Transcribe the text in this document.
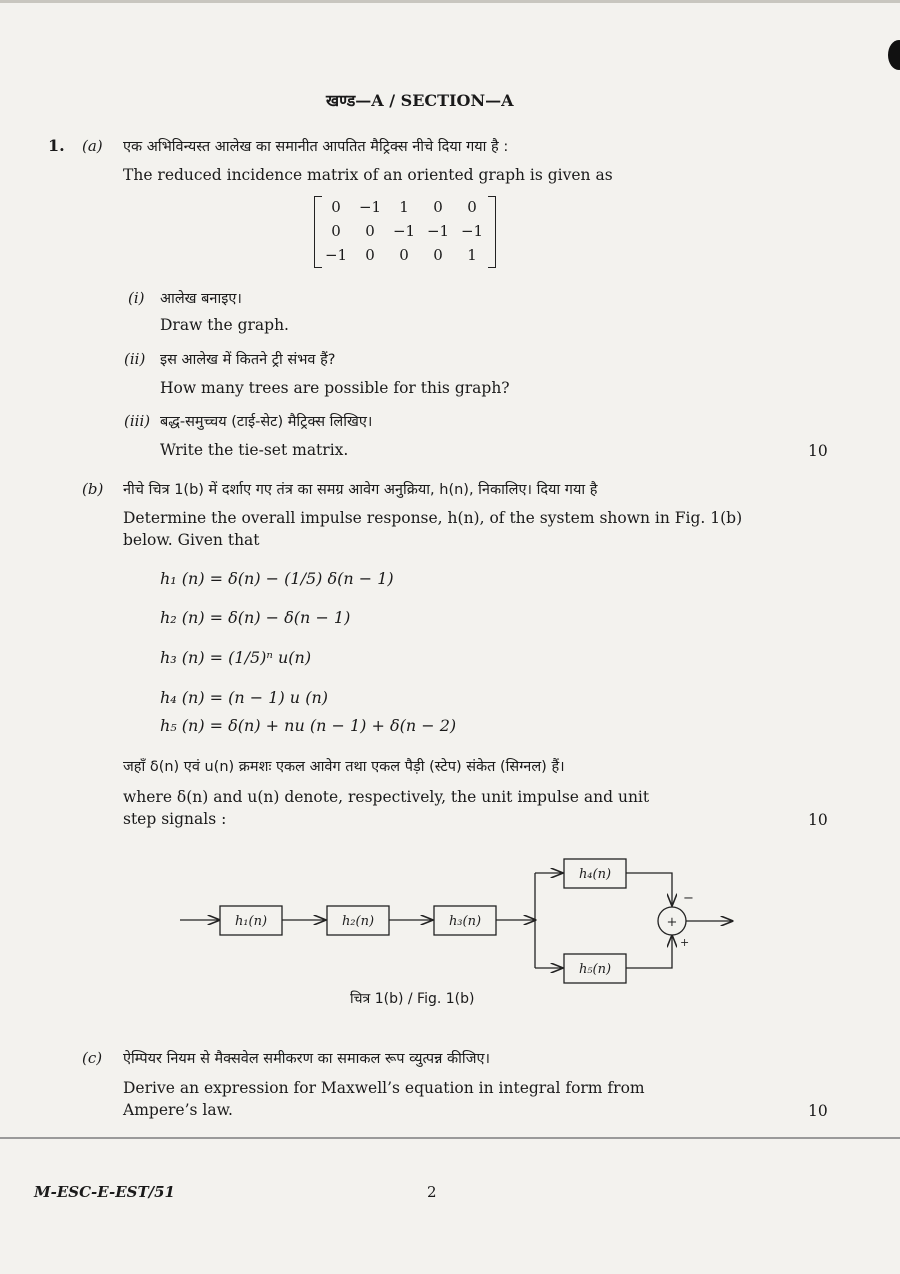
खण्ड—A / SECTION—A
1. (a) एक अभिविन्यस्त आलेख का समानीत आपतित मैट्रिक्स नीचे दिया गया है :
The reduced incidence matrix of an oriented graph is given as
0	−1	1	0	0
0	0	−1 −1 −1
−1	0	0	0	1
(i) आलेख बनाइए।
Draw the graph.
(ii) इस आलेख में कितने ट्री संभव हैं?
How many trees are possible for this graph?
(iii) बद्ध-समुच्चय (टाई-सेट) मैट्रिक्स लिखिए।
Write the tie-set matrix.	10
(b) नीचे चित्र 1(b) में दर्शाए गए तंत्र का समग्र आवेग अनुक्रिया, h(n), निकालिए। दिया गया है
Determine the overall impulse response, h(n), of the system shown in Fig. 1(b)
below. Given that
h₁ (n) = δ(n) − (1/5) δ(n − 1)
h₂ (n) = δ(n) − δ(n − 1)
h₃ (n) = (1/5)ⁿ u(n)
h₄ (n) = (n − 1) u (n)
h₅ (n) = δ(n) + nu (n − 1) + δ(n − 2)
जहाँ δ(n) एवं u(n) क्रमशः एकल आवेग तथा एकल पैड़ी (स्टेप) संकेत (सिग्नल) हैं।
where δ(n) and u(n) denote, respectively, the unit impulse and unit
step signals :	10
h₁(n)	h₂(n)	h₃(n)
h₄(n)
h₅(n)
+
−
+
चित्र 1(b) / Fig. 1(b)
(c) ऐम्पियर नियम से मैक्सवेल समीकरण का समाकल रूप व्युत्पन्न कीजिए।
Derive an expression for Maxwell’s equation in integral form from
Ampere’s law.	10
M-ESC-E-EST/51	2
